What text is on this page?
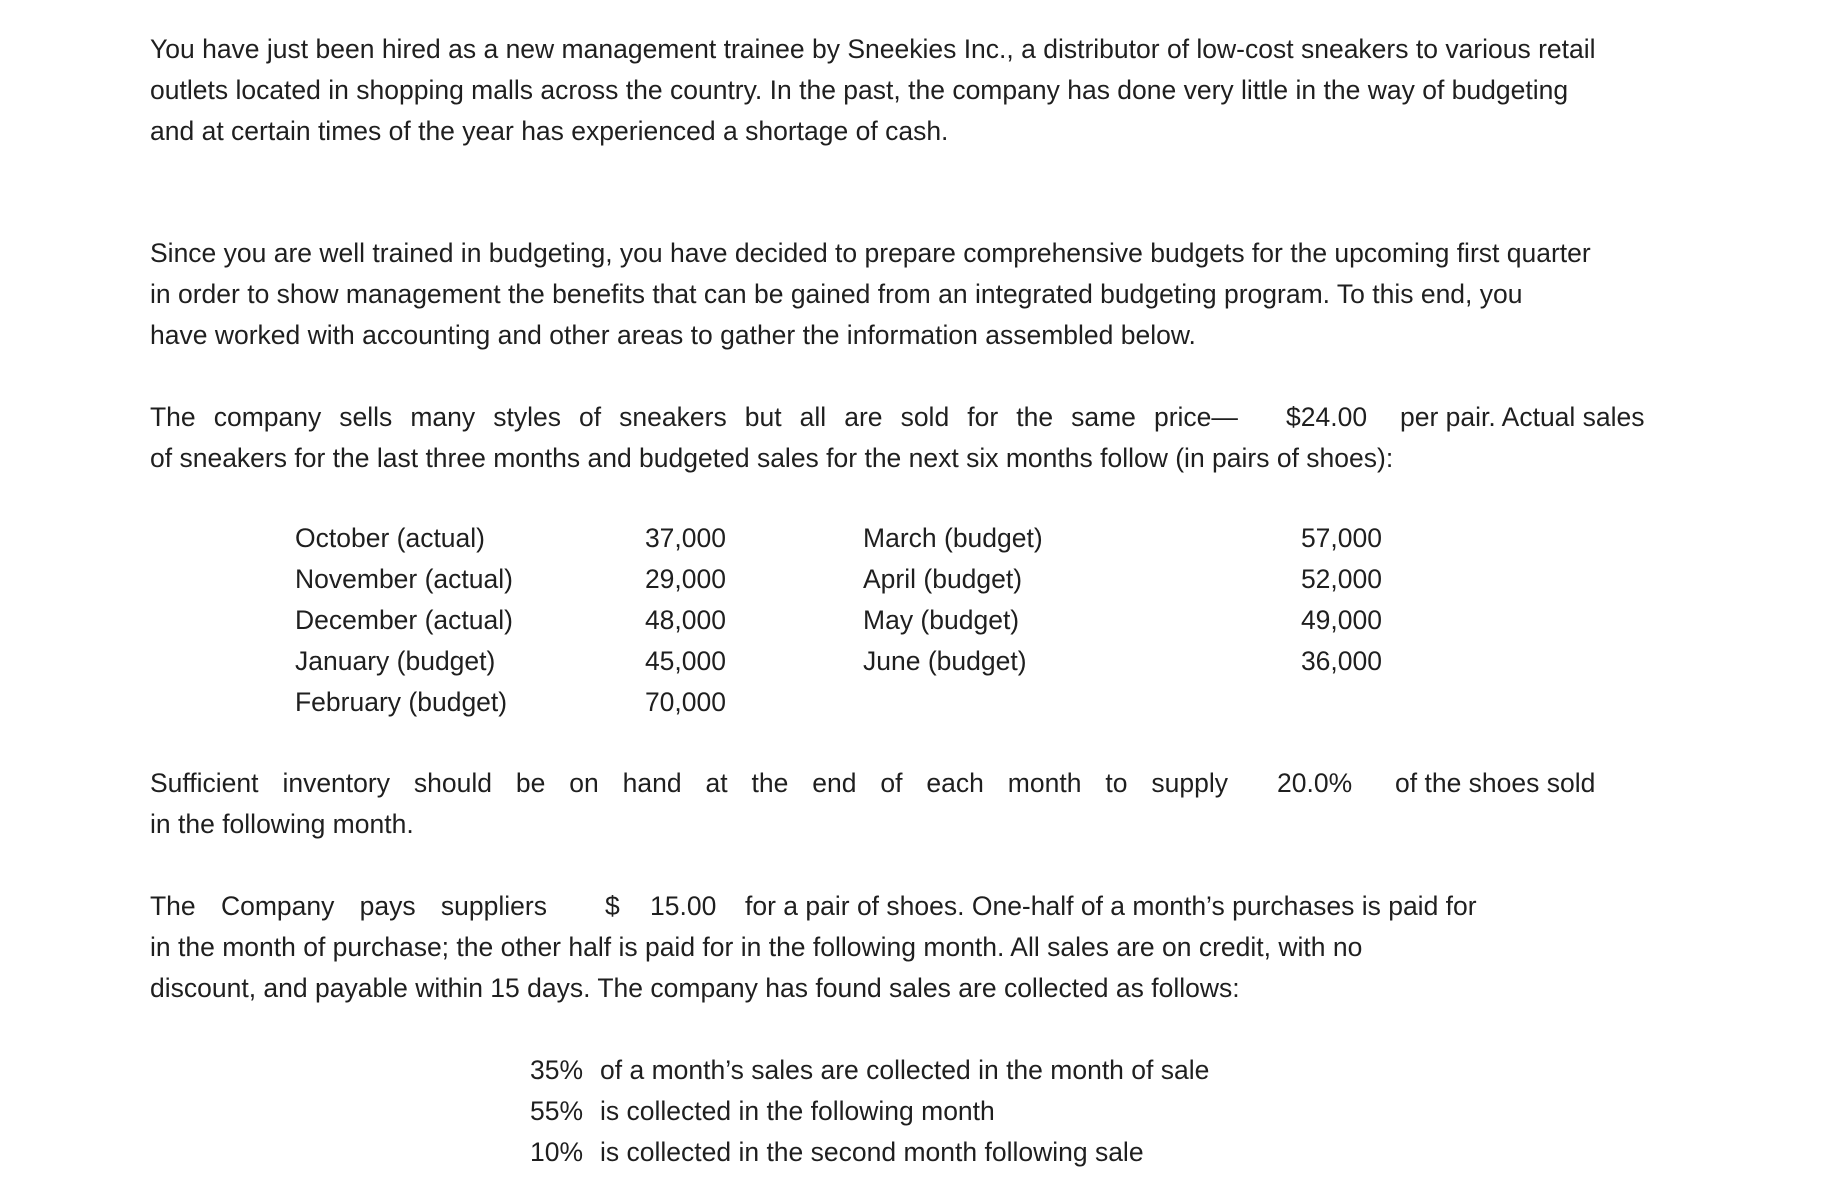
You have just been hired as a new management trainee by Sneekies Inc., a distributor of low-cost sneakers to various retail
outlets located in shopping malls across the country. In the past, the company has done very little in the way of budgeting
and at certain times of the year has experienced a shortage of cash.
Since you are well trained in budgeting, you have decided to prepare comprehensive budgets for the upcoming first quarter
in order to show management the benefits that can be gained from an integrated budgeting program. To this end, you
have worked with accounting and other areas to gather the information assembled below.
The company sells many styles of sneakers but all are sold for the same price— $24.00 per pair. Actual sales
of sneakers for the last three months and budgeted sales for the next six months follow (in pairs of shoes):
October (actual)	37,000
November (actual)	29,000
December (actual)	48,000
January (budget)	45,000
February (budget)	70,000
March (budget)	57,000
April (budget)	52,000
May (budget)	49,000
June (budget)	36,000
Sufficient inventory should be on hand at the end of each month to supply 20.0% of the shoes sold
in the following month.
The Company pays suppliers $ 15.00 for a pair of shoes. One-half of a month’s purchases is paid for
in the month of purchase; the other half is paid for in the following month. All sales are on credit, with no
discount, and payable within 15 days. The company has found sales are collected as follows:
35% of a month’s sales are collected in the month of sale
55% is collected in the following month
10% is collected in the second month following sale
